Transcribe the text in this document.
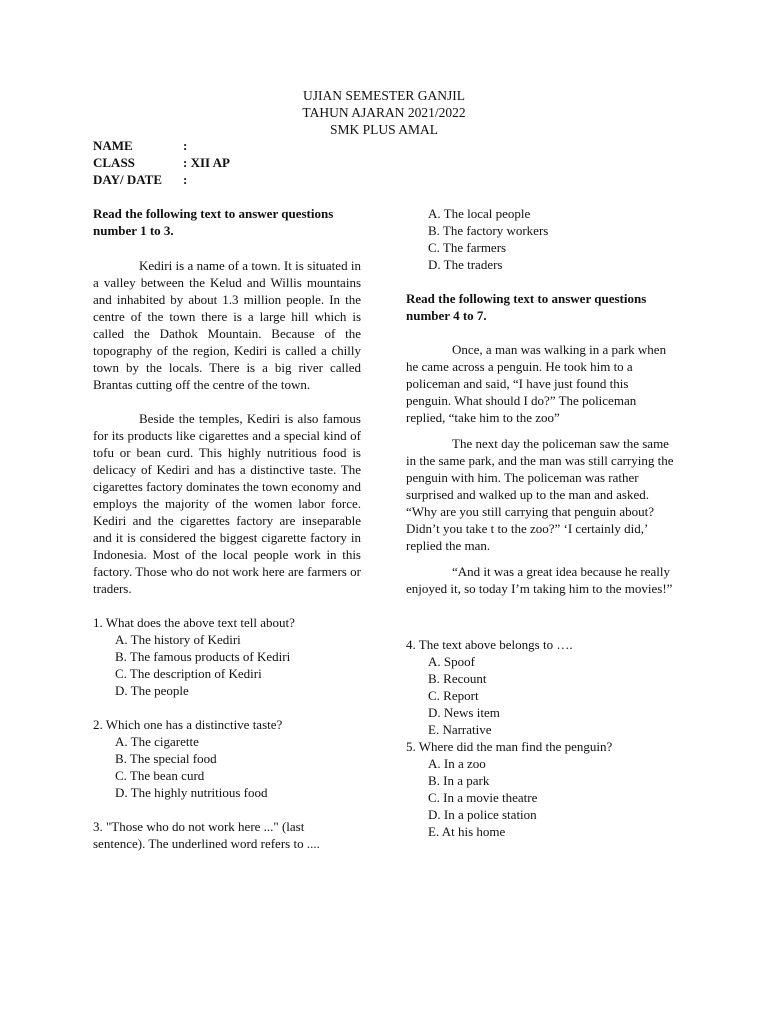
UJIAN SEMESTER GANJIL
TAHUN AJARAN 2021/2022
SMK PLUS AMAL
NAME	:
CLASS	: XII AP
DAY/ DATE	:

Read the following text to answer questions number 1 to 3.

Kediri is a name of a town. It is situated in a valley between the Kelud and Willis mountains and inhabited by about 1.3 million people. In the centre of the town there is a large hill which is called the Dathok Mountain. Because of the topography of the region, Kediri is called a chilly town by the locals. There is a big river called Brantas cutting off the centre of the town.

Beside the temples, Kediri is also famous for its products like cigarettes and a special kind of tofu or bean curd. This highly nutritious food is delicacy of Kediri and has a distinctive taste. The cigarettes factory dominates the town economy and employs the majority of the women labor force. Kediri and the cigarettes factory are inseparable and it is considered the biggest cigarette factory in Indonesia. Most of the local people work in this factory. Those who do not work here are farmers or traders.

1. What does the above text tell about?

A. The history of Kediri
B. The famous products of Kediri
C. The description of Kediri
D. The people

2. Which one has a distinctive taste?

A. The cigarette
B. The special food
C. The bean curd
D. The highly nutritious food

3. "Those who do not work here ..." (last sentence). The underlined word refers to ....

A. The local people
B. The factory workers
C. The farmers
D. The traders

Read the following text to answer questions number 4 to 7.

Once, a man was walking in a park when he came across a penguin. He took him to a policeman and said, “I have just found this penguin. What should I do?” The policeman replied, “take him to the zoo”

The next day the policeman saw the same in the same park, and the man was still carrying the penguin with him. The policeman was rather surprised and walked up to the man and asked. “Why are you still carrying that penguin about? Didn’t you take t to the zoo?” ‘I certainly did,’ replied the man.

“And it was a great idea because he really enjoyed it, so today I’m taking him to the movies!”

4. The text above belongs to ….

A. Spoof
B. Recount
C. Report
D. News item
E. Narrative

5. Where did the man find the penguin?

A. In a zoo
B. In a park
C. In a movie theatre
D. In a police station
E. At his home
